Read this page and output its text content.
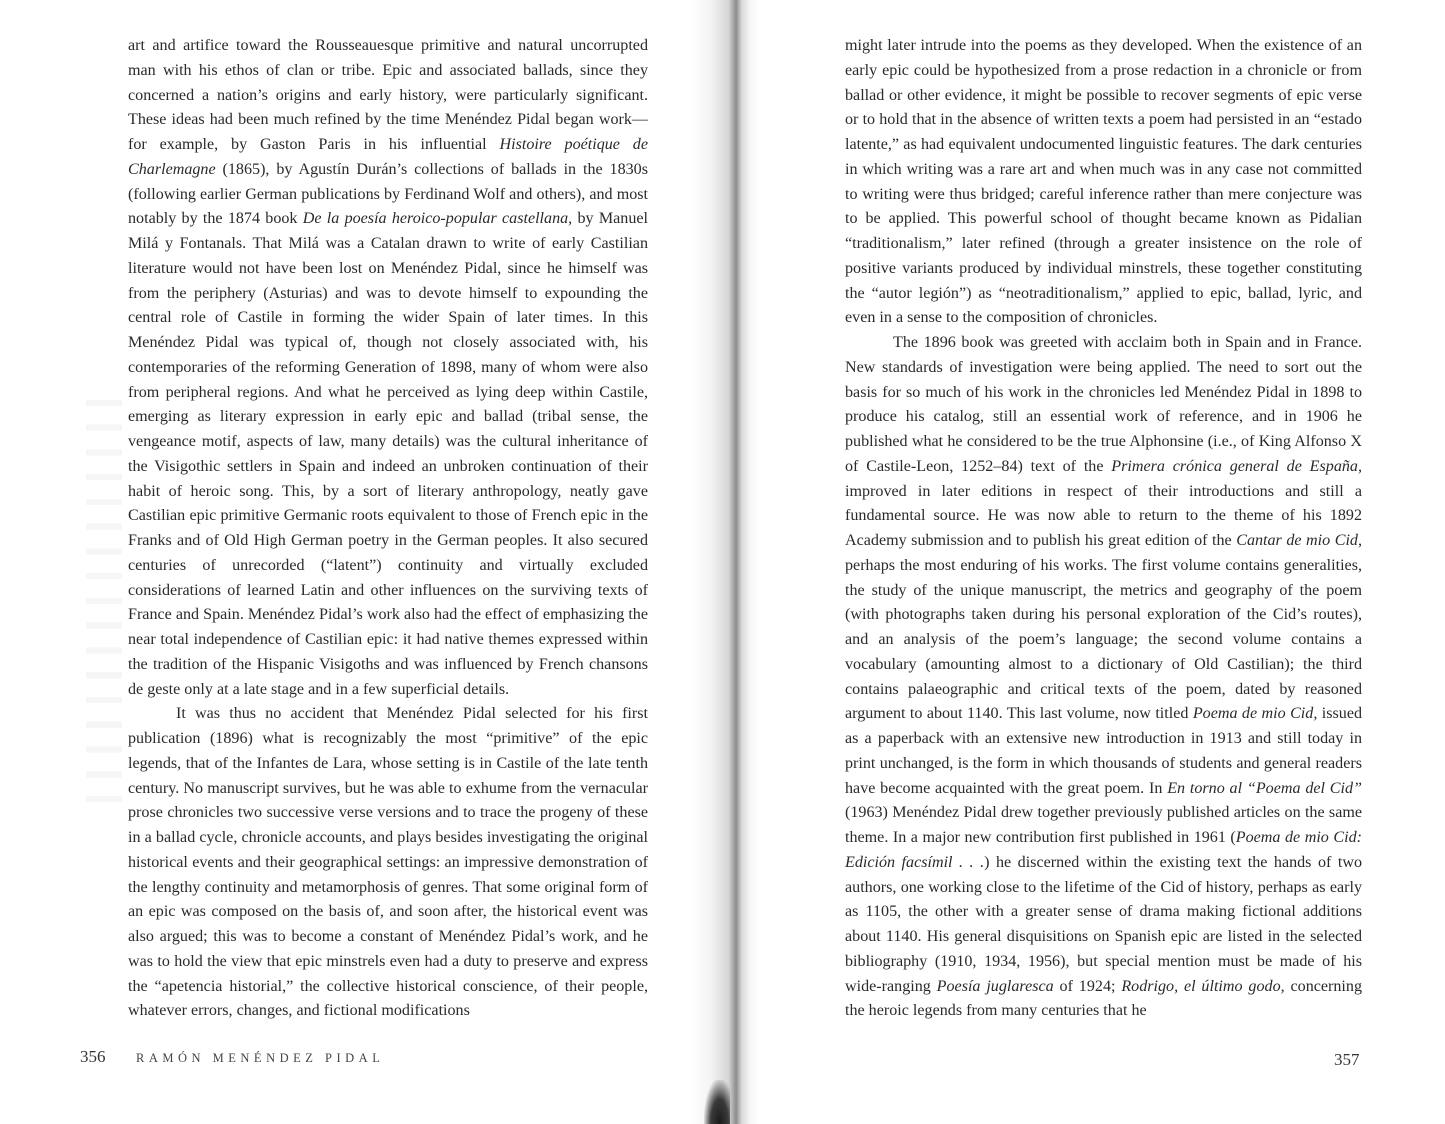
art and artifice toward the Rousseauesque primitive and natural uncorrupted man with his ethos of clan or tribe. Epic and associated ballads, since they concerned a nation’s origins and early history, were particularly significant. These ideas had been much refined by the time Menéndez Pidal began work—for example, by Gaston Paris in his influential Histoire poétique de Charlemagne (1865), by Agustín Durán’s collections of ballads in the 1830s (following earlier German publications by Ferdinand Wolf and others), and most notably by the 1874 book De la poesía heroico-popular castellana, by Manuel Milá y Fontanals. That Milá was a Catalan drawn to write of early Castilian literature would not have been lost on Menéndez Pidal, since he himself was from the periphery (Asturias) and was to devote himself to expounding the central role of Castile in forming the wider Spain of later times. In this Menéndez Pidal was typical of, though not closely associated with, his contemporaries of the reforming Generation of 1898, many of whom were also from peripheral regions. And what he perceived as lying deep within Castile, emerging as literary expression in early epic and ballad (tribal sense, the vengeance motif, aspects of law, many details) was the cultural inheritance of the Visigothic settlers in Spain and indeed an unbroken continuation of their habit of heroic song. This, by a sort of literary anthropology, neatly gave Castilian epic primitive Germanic roots equivalent to those of French epic in the Franks and of Old High German poetry in the German peoples. It also secured centuries of unrecorded (“latent”) continuity and virtually excluded considerations of learned Latin and other influences on the surviving texts of France and Spain. Menéndez Pidal’s work also had the effect of emphasizing the near total independence of Castilian epic: it had native themes expressed within the tradition of the Hispanic Visigoths and was influenced by French chansons de geste only at a late stage and in a few superficial details.

It was thus no accident that Menéndez Pidal selected for his first publication (1896) what is recognizably the most “primitive” of the epic legends, that of the Infantes de Lara, whose setting is in Castile of the late tenth century. No manuscript survives, but he was able to exhume from the vernacular prose chronicles two successive verse versions and to trace the progeny of these in a ballad cycle, chronicle accounts, and plays besides investigating the original historical events and their geographical settings: an impressive demonstration of the lengthy continuity and metamorphosis of genres. That some original form of an epic was composed on the basis of, and soon after, the historical event was also argued; this was to become a constant of Menéndez Pidal’s work, and he was to hold the view that epic minstrels even had a duty to preserve and express the “apetencia historial,” the collective historical conscience, of their people, whatever errors, changes, and fictional modifications

might later intrude into the poems as they developed. When the existence of an early epic could be hypothesized from a prose redaction in a chronicle or from ballad or other evidence, it might be possible to recover segments of epic verse or to hold that in the absence of written texts a poem had persisted in an “estado latente,” as had equivalent undocumented linguistic features. The dark centuries in which writing was a rare art and when much was in any case not committed to writing were thus bridged; careful inference rather than mere conjecture was to be applied. This powerful school of thought became known as Pidalian “traditionalism,” later refined (through a greater insistence on the role of positive variants produced by individual minstrels, these together constituting the “autor legión”) as “neotraditionalism,” applied to epic, ballad, lyric, and even in a sense to the composition of chronicles.

The 1896 book was greeted with acclaim both in Spain and in France. New standards of investigation were being applied. The need to sort out the basis for so much of his work in the chronicles led Menéndez Pidal in 1898 to produce his catalog, still an essential work of reference, and in 1906 he published what he considered to be the true Alphonsine (i.e., of King Alfonso X of Castile-Leon, 1252–84) text of the Primera crónica general de España, improved in later editions in respect of their introductions and still a fundamental source. He was now able to return to the theme of his 1892 Academy submission and to publish his great edition of the Cantar de mio Cid, perhaps the most enduring of his works. The first volume contains generalities, the study of the unique manuscript, the metrics and geography of the poem (with photographs taken during his personal exploration of the Cid’s routes), and an analysis of the poem’s language; the second volume contains a vocabulary (amounting almost to a dictionary of Old Castilian); the third contains palaeographic and critical texts of the poem, dated by reasoned argument to about 1140. This last volume, now titled Poema de mio Cid, issued as a paperback with an extensive new introduction in 1913 and still today in print unchanged, is the form in which thousands of students and general readers have become acquainted with the great poem. In En torno al “Poema del Cid” (1963) Menéndez Pidal drew together previously published articles on the same theme. In a major new contribution first published in 1961 (Poema de mio Cid: Edición facsímil . . .) he discerned within the existing text the hands of two authors, one working close to the lifetime of the Cid of history, perhaps as early as 1105, the other with a greater sense of drama making fictional additions about 1140. His general disquisitions on Spanish epic are listed in the selected bibliography (1910, 1934, 1956), but special mention must be made of his wide-ranging Poesía juglaresca of 1924; Rodrigo, el último godo, concerning the heroic legends from many centuries that he

356 RAMÓN MENÉNDEZ PIDAL	357
